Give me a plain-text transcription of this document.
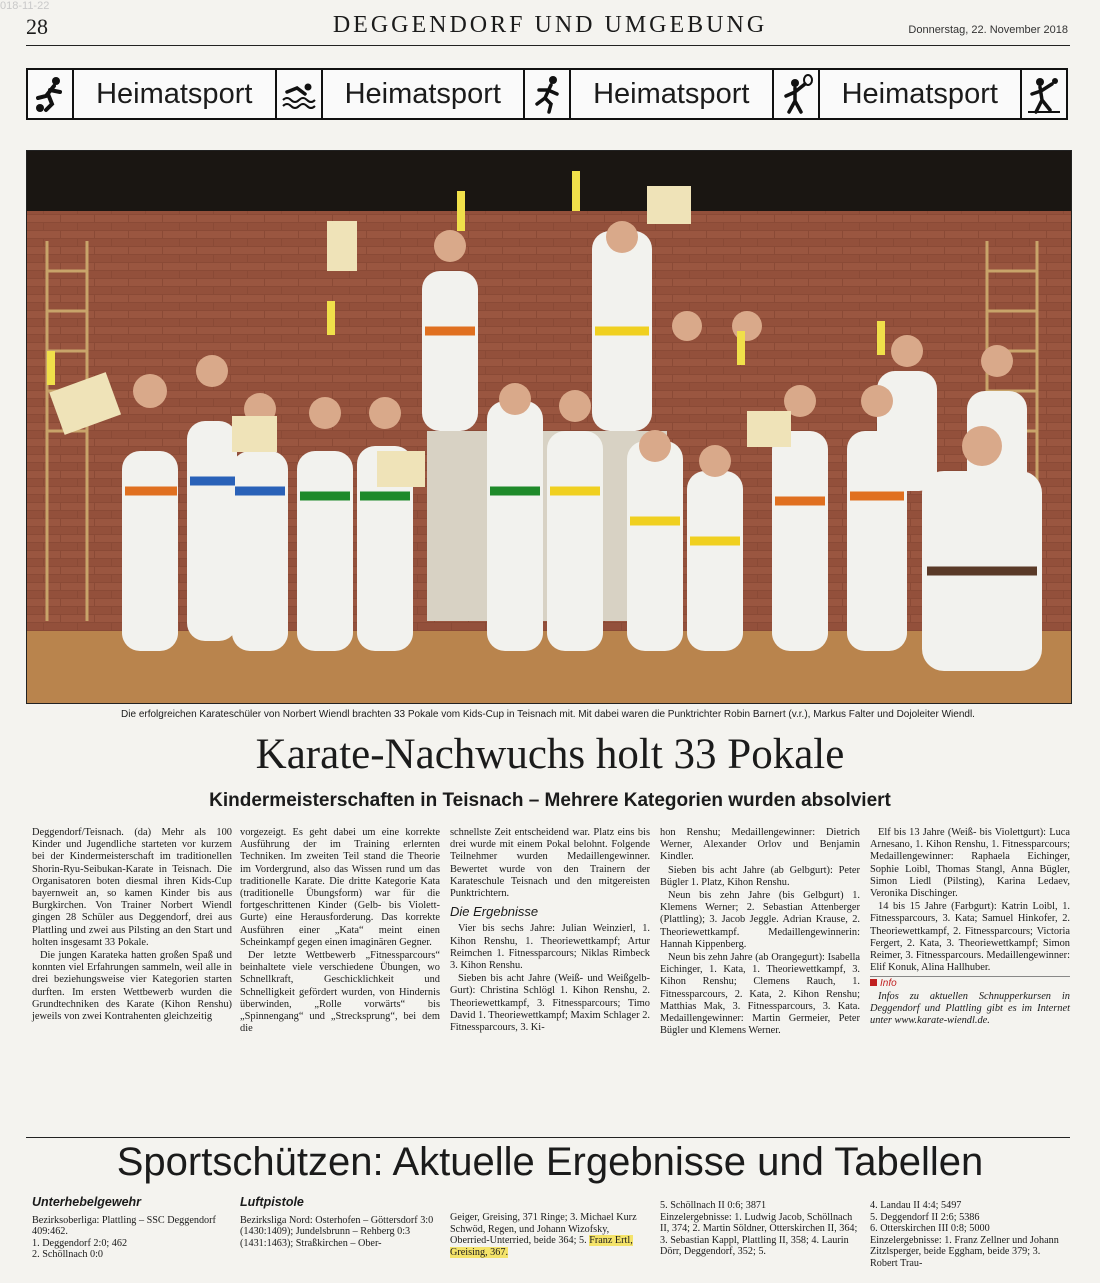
018-11-22
28	DEGGENDORF UND UMGEBUNG	Donnerstag, 22. November 2018
Heimatsport	Heimatsport	Heimatsport	Heimatsport
Die erfolgreichen Karateschüler von Norbert Wiendl brachten 33 Pokale vom Kids-Cup in Teisnach mit. Mit dabei waren die Punktrichter Robin Barnert (v.r.), Markus Falter und Dojoleiter Wiendl.
Karate-Nachwuchs holt 33 Pokale
Kindermeisterschaften in Teisnach – Mehrere Kategorien wurden absolviert

Deggendorf/Teisnach. (da) Mehr als 100 Kinder und Jugendliche starteten vor kurzem bei der Kindermeisterschaft im traditionellen Shorin-Ryu-Seibukan-Karate in Teisnach. Die Organisatoren boten diesmal ihren Kids-Cup bayernweit an, so kamen Kinder bis aus Burgkirchen. Von Trainer Norbert Wiendl gingen 28 Schüler aus Deggendorf, drei aus Plattling und zwei aus Pilsting an den Start und holten insgesamt 33 Pokale.

Die jungen Karateka hatten großen Spaß und konnten viel Erfahrungen sammeln, weil alle in drei beziehungsweise vier Kategorien starten durften. Im ersten Wettbewerb wurden die Grundtechniken des Karate (Kihon Renshu) jeweils von zwei Kontrahenten gleichzeitig

vorgezeigt. Es geht dabei um eine korrekte Ausführung der im Training erlernten Techniken. Im zweiten Teil stand die Theorie im Vordergrund, also das Wissen rund um das traditionelle Karate. Die dritte Kategorie Kata (traditionelle Übungsform) war für die fortgeschrittenen Kinder (Gelb- bis Violett-Gurte) eine Herausforderung. Das korrekte Ausführen einer „Kata“ meint einen Scheinkampf gegen einen imaginären Gegner.

Der letzte Wettbewerb „Fitnessparcours“ beinhaltete viele verschiedene Übungen, wo Schnellkraft, Geschicklichkeit und Schnelligkeit gefördert wurden, von Hindernis überwinden, „Rolle vorwärts“ bis „Spinnengang“ und „Strecksprung“, bei dem die

schnellste Zeit entscheidend war. Platz eins bis drei wurde mit einem Pokal belohnt. Folgende Teilnehmer wurden Medaillengewinner. Bewertet wurde von den Trainern der Karateschule Teisnach und den mitgereisten Punktrichtern.

Die Ergebnisse

Vier bis sechs Jahre: Julian Weinzierl, 1. Kihon Renshu, 1. Theoriewettkampf; Artur Reimchen 1. Fitnessparcours; Niklas Rimbeck 3. Kihon Renshu.

Sieben bis acht Jahre (Weiß- und Weißgelb-Gurt): Christina Schlögl 1. Kihon Renshu, 2. Theoriewettkampf, 3. Fitnessparcours; Timo David 1. Theoriewettkampf; Maxim Schlager 2. Fitnessparcours, 3. Ki-

hon Renshu; Medaillengewinner: Dietrich Werner, Alexander Orlov und Benjamin Kindler.

Sieben bis acht Jahre (ab Gelbgurt): Peter Bügler 1. Platz, Kihon Renshu.

Neun bis zehn Jahre (bis Gelbgurt) 1. Klemens Werner; 2. Sebastian Attenberger (Plattling); 3. Jacob Jeggle. Adrian Krause, 2. Theoriewettkampf. Medaillengewinnerin: Hannah Kippenberg.

Neun bis zehn Jahre (ab Orangegurt): Isabella Eichinger, 1. Kata, 1. Theoriewettkampf, 3. Kihon Renshu; Clemens Rauch, 1. Fitnessparcours, 2. Kata, 2. Kihon Renshu; Matthias Mak, 3. Fitnessparcours, 3. Kata. Medaillengewinner: Martin Germeier, Peter Bügler und Klemens Werner.

Elf bis 13 Jahre (Weiß- bis Violettgurt): Luca Arnesano, 1. Kihon Renshu, 1. Fitnessparcours; Medaillengewinner: Raphaela Eichinger, Sophie Loibl, Thomas Stangl, Anna Bügler, Simon Liedl (Pilsting), Karina Ledaev, Veronika Dischinger.

14 bis 15 Jahre (Farbgurt): Katrin Loibl, 1. Fitnessparcours, 3. Kata; Samuel Hinkofer, 2. Theoriewettkampf, 2. Fitnessparcours; Victoria Fergert, 2. Kata, 3. Theoriewettkampf; Simon Reimer, 3. Fitnessparcours. Medaillengewinner: Elif Konuk, Alina Hallhuber.

Info

Infos zu aktuellen Schnupperkursen in Deggendorf und Plattling gibt es im Internet unter www.karate-wiendl.de.

Sportschützen: Aktuelle Ergebnisse und Tabellen
Unterhebelgewehr
Bezirksoberliga: Plattling – SSC Deggendorf 409:462.
1. Deggendorf 2:0; 462
2. Schöllnach 0:0
Luftpistole
Bezirksliga Nord: Osterhofen – Göttersdorf 3:0 (1430:1409); Jundelsbrunn – Rehberg 0:3 (1431:1463); Straßkirchen – Ober-
Geiger, Greising, 371 Ringe; 3. Michael Kurz Schwöd, Regen, und Johann Wizofsky, Oberried-Unterried, beide 364; 5. Franz Ertl, Greising, 367.
5. Schöllnach II 0:6; 3871
Einzelergebnisse: 1. Ludwig Jacob, Schöllnach II, 374; 2. Martin Söldner, Otterskirchen II, 364; 3. Sebastian Kappl, Plattling II, 358; 4. Laurin Dörr, Deggendorf, 352; 5.
4. Landau II 4:4; 5497
5. Deggendorf II 2:6; 5386
6. Otterskirchen III 0:8; 5000
Einzelergebnisse: 1. Franz Zellner und Johann Zitzlsperger, beide Eggham, beide 379; 3. Robert Trau-
